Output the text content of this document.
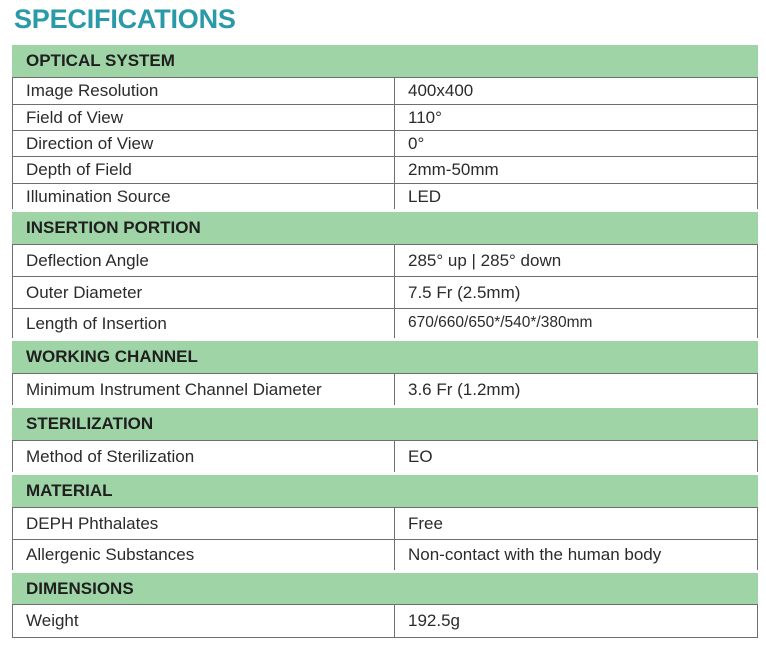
SPECIFICATIONS
OPTICAL SYSTEM	
Image Resolution	400x400
Field of View	110°
Direction of View	0°
Depth of Field	2mm-50mm
Illumination Source	LED
INSERTION PORTION	
Deflection Angle	285° up | 285° down
Outer Diameter	7.5 Fr (2.5mm)
Length of Insertion	670/660/650*/540*/380mm
WORKING CHANNEL	
Minimum Instrument Channel Diameter	3.6 Fr (1.2mm)
STERILIZATION	
Method of Sterilization	EO
MATERIAL	
DEPH Phthalates	Free
Allergenic Substances	Non-contact with the human body
DIMENSIONS	
Weight	192.5g
